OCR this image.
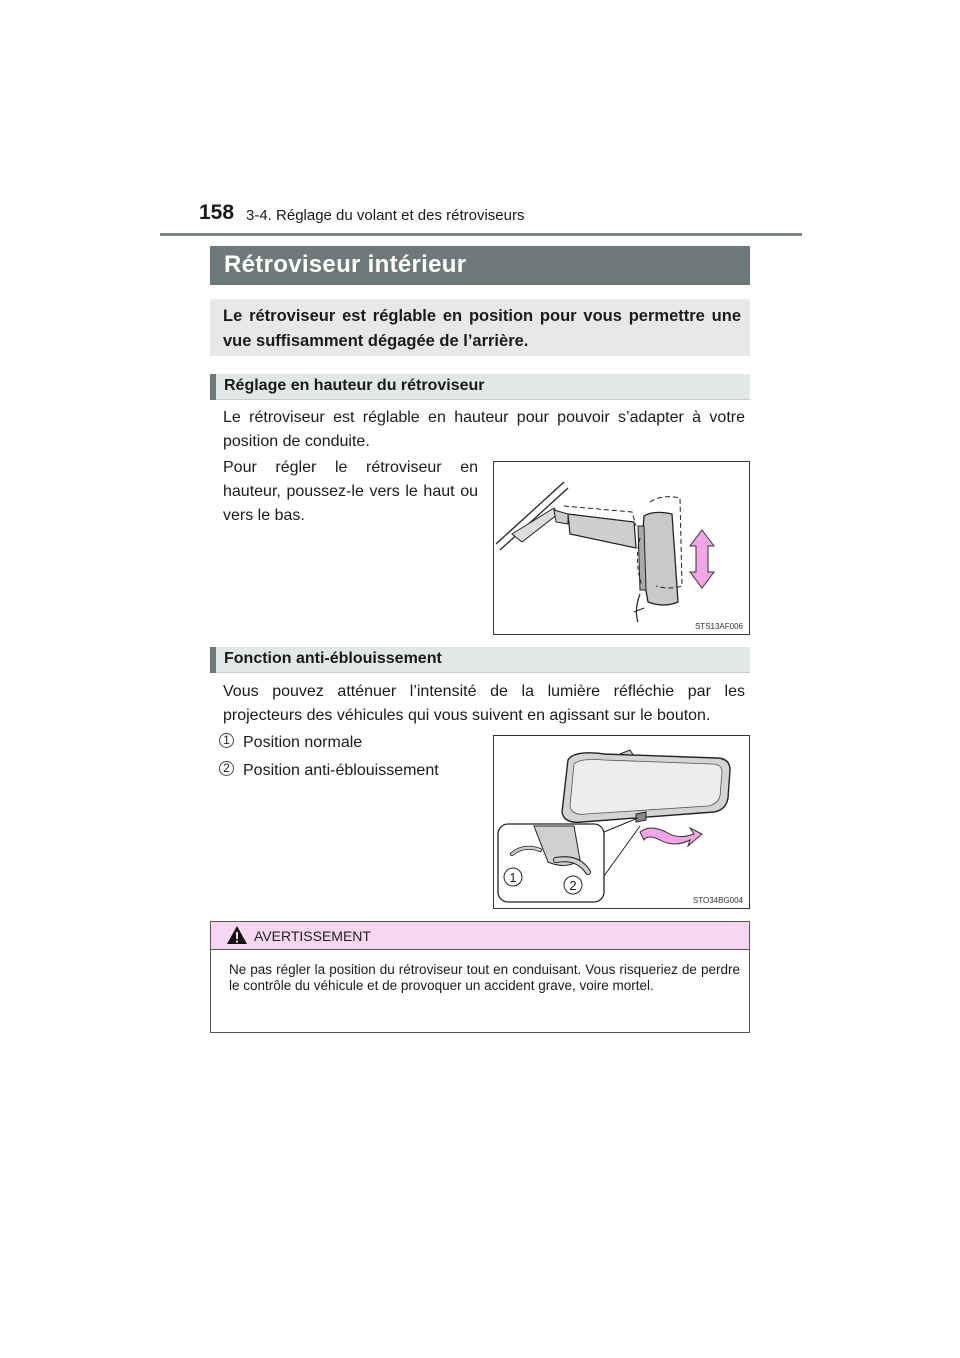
158 3-4. Réglage du volant et des rétroviseurs
Rétroviseur intérieur
Le rétroviseur est réglable en position pour vous permettre une vue suffisamment dégagée de l’arrière.
Réglage en hauteur du rétroviseur
Le rétroviseur est réglable en hauteur pour pouvoir s’adapter à votre position de conduite.
Pour régler le rétroviseur en hauteur, poussez-le vers le haut ou vers le bas.
STS13AF006
Fonction anti-éblouissement
Vous pouvez atténuer l’intensité de la lumière réfléchie par les projecteurs des véhicules qui vous suivent en agissant sur le bouton.
1 Position normale
2 Position anti-éblouissement
1
2
STO34BG004
AVERTISSEMENT
Ne pas régler la position du rétroviseur tout en conduisant. Vous risqueriez de perdre le contrôle du véhicule et de provoquer un accident grave, voire mortel.
